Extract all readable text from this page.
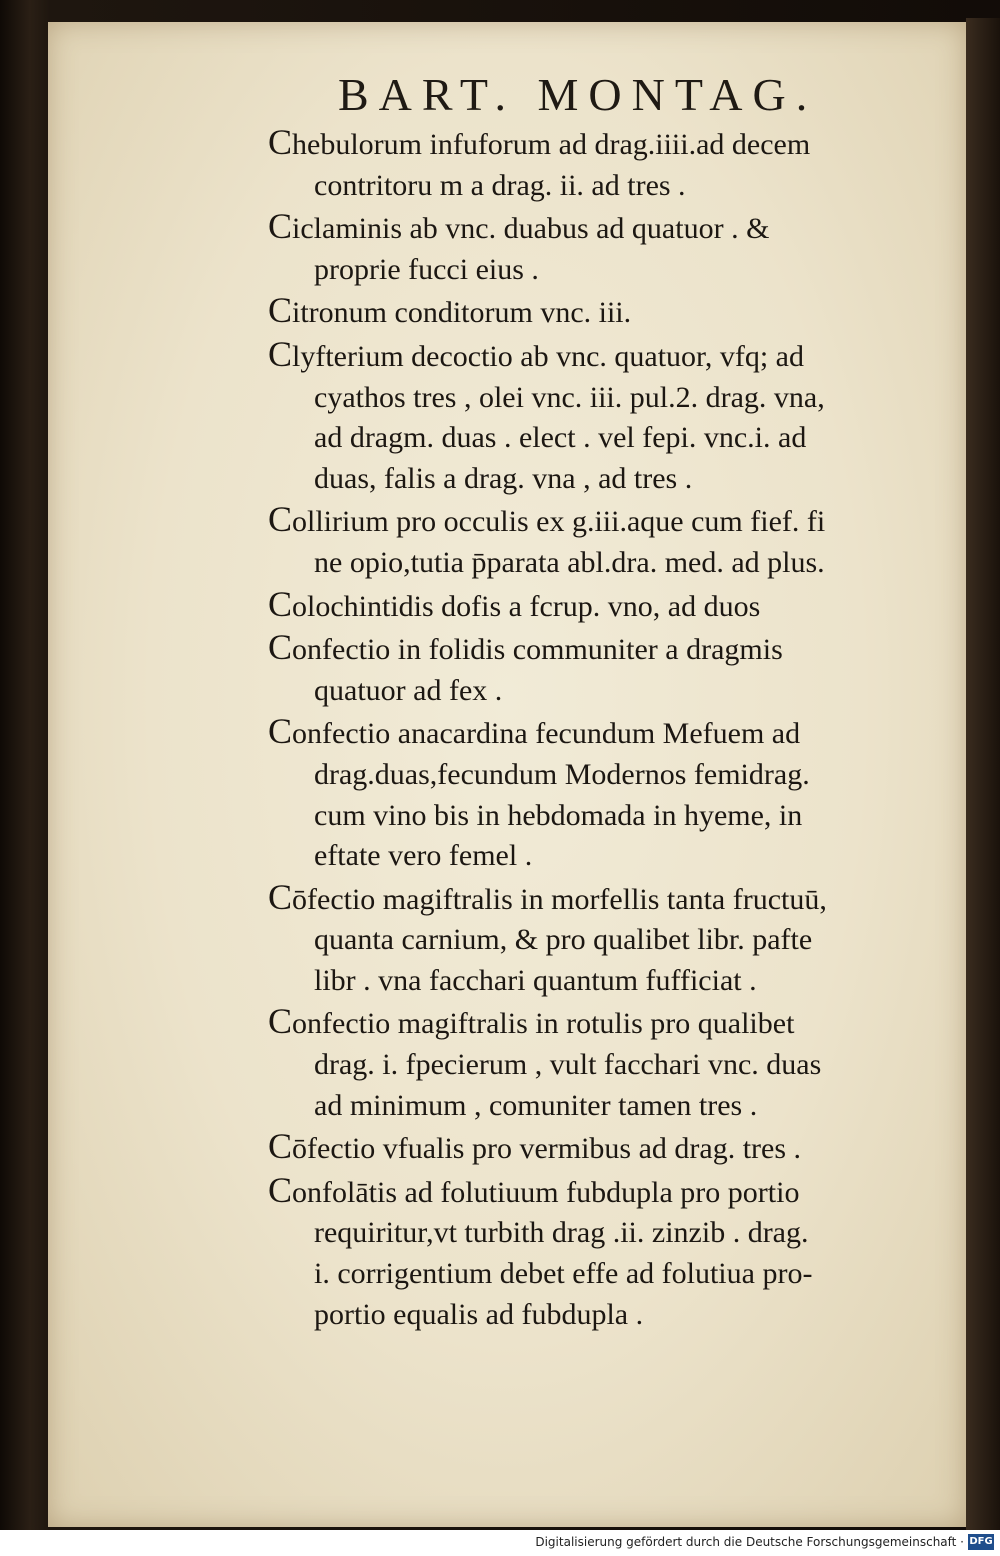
BART. MONTAG.
Chebulorum infuforum ad drag.iiii.ad decem
contritoru m a drag. ii. ad tres .
Ciclaminis ab vnc. duabus ad quatuor . &
proprie fucci eius .
Citronum conditorum vnc. iii.
Clyfterium decoctio ab vnc. quatuor, vfq; ad
cyathos tres , olei vnc. iii. pul.2. drag. vna,
ad dragm. duas . elect . vel fepi. vnc.i. ad
duas, falis a drag. vna , ad tres .
Collirium pro occulis ex g.iii.aque cum fief. fi
ne opio,tutia p̄parata abl.dra. med. ad plus.
Colochintidis dofis a fcrup. vno, ad duos
Confectio in folidis communiter a dragmis
quatuor ad fex .
Confectio anacardina fecundum Mefuem ad
drag.duas,fecundum Modernos femidrag.
cum vino bis in hebdomada in hyeme, in
eftate vero femel .
Cōfectio magiftralis in morfellis tanta fructuū,
quanta carnium, & pro qualibet libr. pafte
libr . vna facchari quantum fufficiat .
Confectio magiftralis in rotulis pro qualibet
drag. i. fpecierum , vult facchari vnc. duas
ad minimum , comuniter tamen tres .
Cōfectio vfualis pro vermibus ad drag. tres .
Confolātis ad folutiuum fubdupla pro portio
requiritur,vt turbith drag .ii. zinzib . drag.
i. corrigentium debet effe ad folutiua pro-
portio equalis ad fubdupla .
Digitalisierung gefördert durch die Deutsche Forschungsgemeinschaft · DFG
